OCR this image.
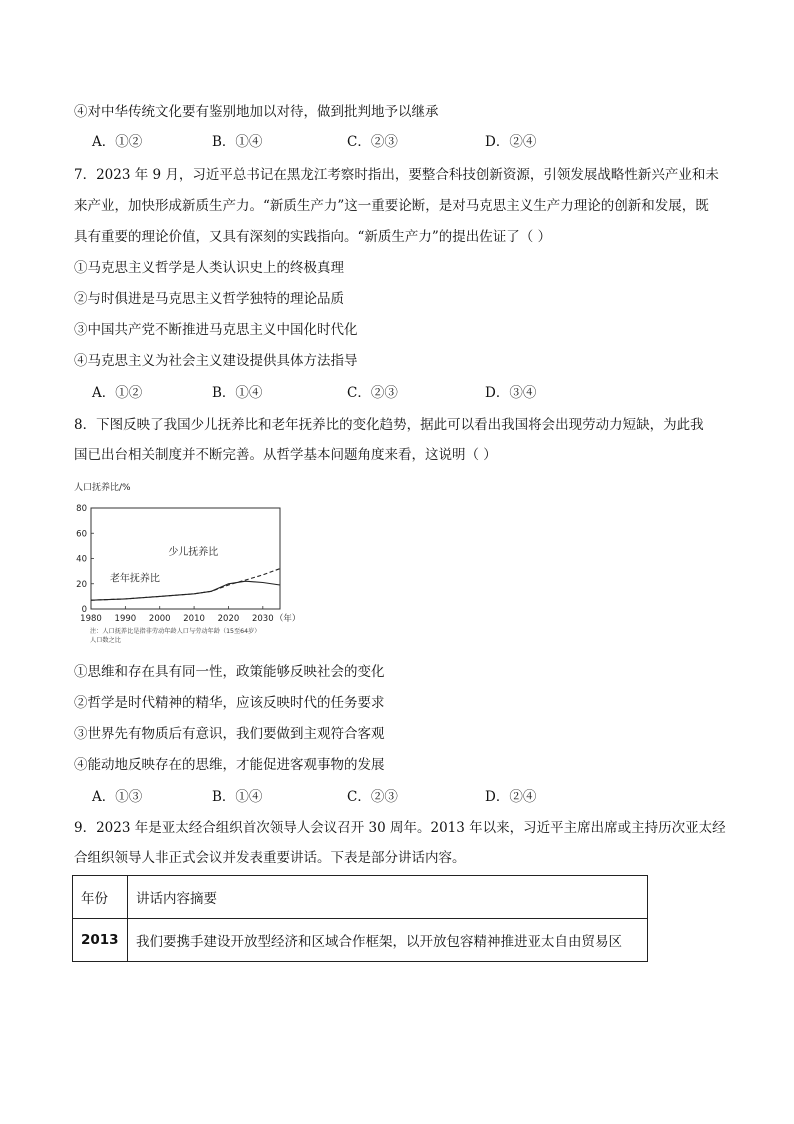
④对中华传统文化要有鉴别地加以对待，做到批判地予以继承
A．①②	B．①④	C．②③	D．②④
7．2023 年 9 月，习近平总书记在黑龙江考察时指出，要整合科技创新资源，引领发展战略性新兴产业和未
来产业，加快形成新质生产力。“新质生产力”这一重要论断，是对马克思主义生产力理论的创新和发展，既
具有重要的理论价值，又具有深刻的实践指向。“新质生产力”的提出佐证了（ ）
①马克思主义哲学是人类认识史上的终极真理
②与时俱进是马克思主义哲学独特的理论品质
③中国共产党不断推进马克思主义中国化时代化
④马克思主义为社会主义建设提供具体方法指导
A．①②	B．①④	C．②③	D．③④
8．下图反映了我国少儿抚养比和老年抚养比的变化趋势，据此可以看出我国将会出现劳动力短缺，为此我
国已出台相关制度并不断完善。从哲学基本问题角度来看，这说明（ ）
人口抚养比/%
80
60
40
20
0
1980 1990 2000 2010 2020 2030 （年）
少儿抚养比
老年抚养比
注：人口抚养比是指非劳动年龄人口与劳动年龄（15至64岁）
人口数之比
①思维和存在具有同一性，政策能够反映社会的变化
②哲学是时代精神的精华，应该反映时代的任务要求
③世界先有物质后有意识，我们要做到主观符合客观
④能动地反映存在的思维，才能促进客观事物的发展
A．①③	B．①④	C．②③	D．②④
9．2023 年是亚太经合组织首次领导人会议召开 30 周年。2013 年以来，习近平主席出席或主持历次亚太经
合组织领导人非正式会议并发表重要讲话。下表是部分讲话内容。
年份	讲话内容摘要
2013	我们要携手建设开放型经济和区域合作框架，以开放包容精神推进亚太自由贸易区
